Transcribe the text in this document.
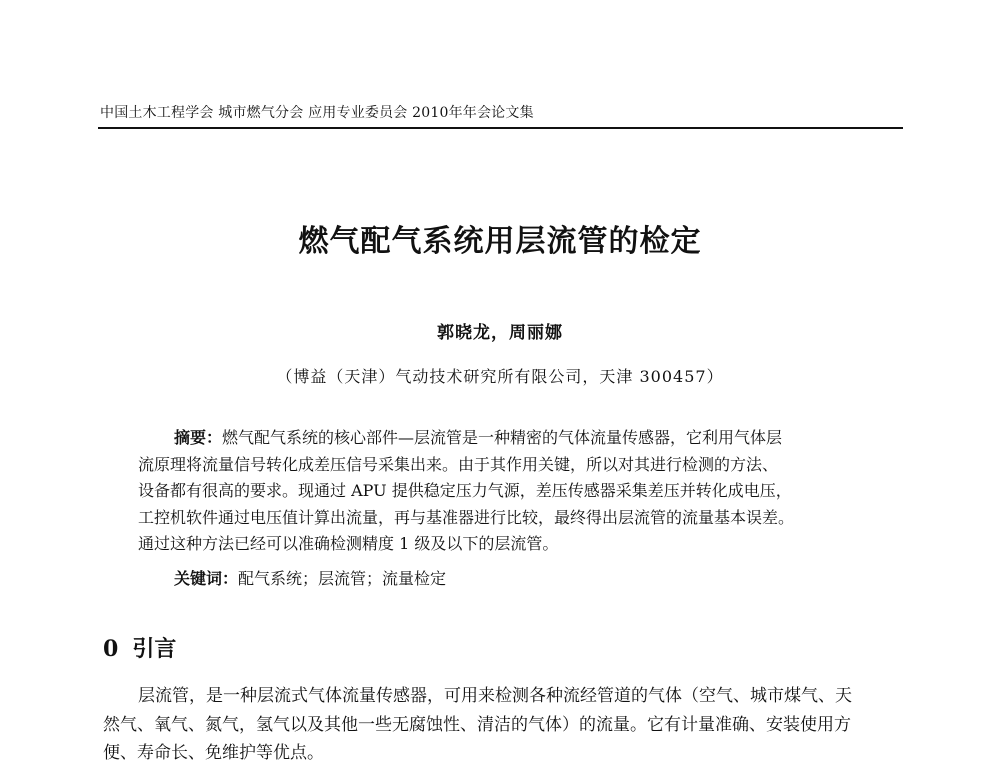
中国土木工程学会 城市燃气分会 应用专业委员会 2010年年会论文集
燃气配气系统用层流管的检定
郭晓龙，周丽娜
（博益（天津）气动技术研究所有限公司，天津 300457）
摘要：燃气配气系统的核心部件—层流管是一种精密的气体流量传感器，它利用气体层
流原理将流量信号转化成差压信号采集出来。由于其作用关键，所以对其进行检测的方法、
设备都有很高的要求。现通过 APU 提供稳定压力气源，差压传感器采集差压并转化成电压，
工控机软件通过电压值计算出流量，再与基准器进行比较，最终得出层流管的流量基本误差。
通过这种方法已经可以准确检测精度 1 级及以下的层流管。
关键词：配气系统；层流管；流量检定
0 引言
层流管，是一种层流式气体流量传感器，可用来检测各种流经管道的气体（空气、城市煤气、天
然气、氧气、氮气，氢气以及其他一些无腐蚀性、清洁的气体）的流量。它有计量准确、安装使用方
便、寿命长、免维护等优点。
